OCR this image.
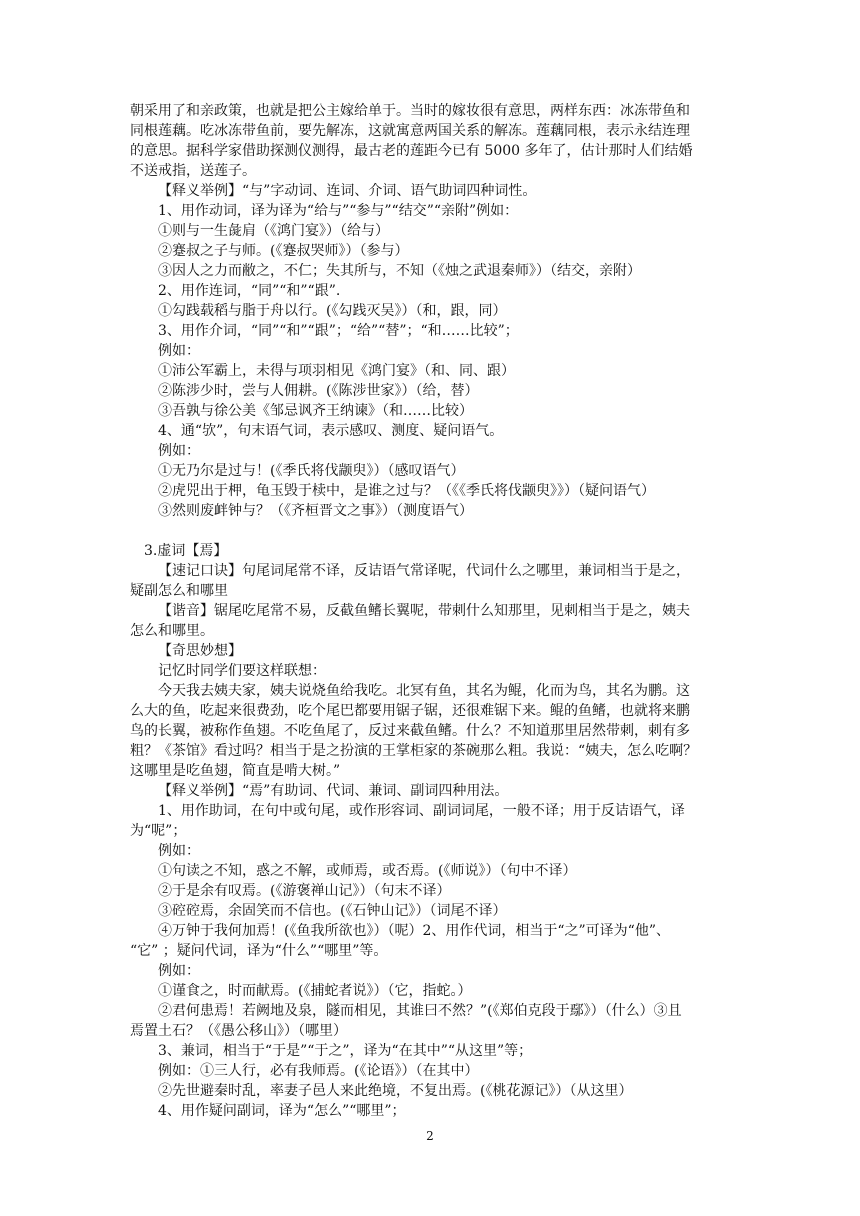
朝采用了和亲政策，也就是把公主嫁给单于。当时的嫁妆很有意思，两样东西：冰冻带鱼和
同根莲藕。吃冰冻带鱼前，要先解冻，这就寓意两国关系的解冻。莲藕同根，表示永结连理
的意思。据科学家借助探测仪测得，最古老的莲距今已有 5000 多年了，估计那时人们结婚
不送戒指，送莲子。
【释义举例】“与”字动词、连词、介词、语气助词四种词性。
1、用作动词，译为译为“给与”“参与”“结交”“亲附”例如：
①则与一生彘肩（《鸿门宴》）（给与）
②蹇叔之子与师。(《蹇叔哭师》）（参与）
③因人之力而敝之，不仁；失其所与，不知（《烛之武退秦师》）（结交，亲附）
2、用作连词，“同”“和”“跟”.
①勾践载稻与脂于舟以行。(《勾践灭吴》）（和，跟，同）
3、用作介词，“同”“和”“跟”；“给”“替”；“和……比较”；
例如：
①沛公军霸上，未得与项羽相见《鸿门宴》（和、同、跟）
②陈涉少时，尝与人佣耕。(《陈涉世家》）（给，替）
③吾孰与徐公美《邹忌讽齐王纳谏》（和……比较）
4、通“欤”，句末语气词，表示感叹、测度、疑问语气。
例如：
①无乃尔是过与！(《季氏将伐颛臾》）（感叹语气）
②虎兕出于柙，龟玉毁于椟中，是谁之过与？（《《季氏将伐颛臾》》）（疑问语气）
③然则废衅钟与？（《齐桓晋文之事》）（测度语气）
3.虚词【焉】
【速记口诀】句尾词尾常不译，反诘语气常译呢，代词什么之哪里，兼词相当于是之，
疑副怎么和哪里
【谐音】锯尾吃尾常不易，反截鱼鳍长翼呢，带刺什么知那里，见刺相当于是之，姨夫
怎么和哪里。
【奇思妙想】
记忆时同学们要这样联想：
今天我去姨夫家，姨夫说烧鱼给我吃。北冥有鱼，其名为鲲，化而为鸟，其名为鹏。这
么大的鱼，吃起来很费劲，吃个尾巴都要用锯子锯，还很难锯下来。鲲的鱼鳍，也就将来鹏
鸟的长翼，被称作鱼翅。不吃鱼尾了，反过来截鱼鳍。什么？不知道那里居然带刺，刺有多
粗？《茶馆》看过吗？相当于是之扮演的王掌柜家的茶碗那么粗。我说：“姨夫，怎么吃啊？
这哪里是吃鱼翅，简直是啃大树。”
【释义举例】“焉”有助词、代词、兼词、副词四种用法。
1、用作助词，在句中或句尾，或作形容词、副词词尾，一般不译；用于反诘语气，译
为“呢”；
例如：
①句读之不知，惑之不解，或师焉，或否焉。(《师说》）（句中不译）
②于是余有叹焉。(《游褒禅山记》）（句末不译）
③硿硿焉，余固笑而不信也。(《石钟山记》）（词尾不译）
④万钟于我何加焉！(《鱼我所欲也》）（呢）2、用作代词，相当于“之”可译为“他”、
“它” ；疑问代词，译为“什么”“哪里”等。
例如：
①谨食之，时而献焉。(《捕蛇者说》）（它，指蛇。）
②君何患焉！若阙地及泉，隧而相见，其谁曰不然？”(《郑伯克段于鄢》）（什么）③且
焉置土石？（《愚公移山》）（哪里）
3、兼词，相当于“于是”“于之”，译为“在其中”“从这里”等；
例如：①三人行，必有我师焉。(《论语》）（在其中）
②先世避秦时乱，率妻子邑人来此绝境，不复出焉。(《桃花源记》）（从这里）
4、用作疑问副词，译为“怎么”“哪里”；
2
